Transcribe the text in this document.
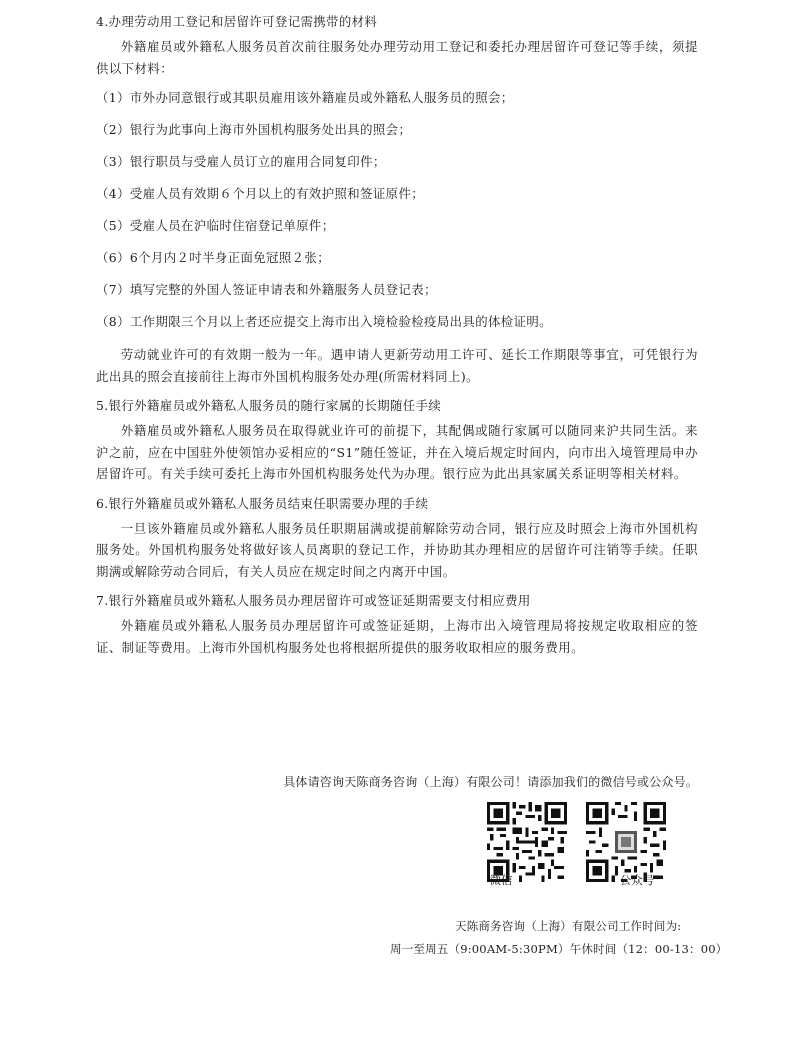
4.办理劳动用工登记和居留许可登记需携带的材料
外籍雇员或外籍私人服务员首次前往服务处办理劳动用工登记和委托办理居留许可登记等手续，须提供以下材料：
（1）市外办同意银行或其职员雇用该外籍雇员或外籍私人服务员的照会；
（2）银行为此事向上海市外国机构服务处出具的照会；
（3）银行职员与受雇人员订立的雇用合同复印件；
（4）受雇人员有效期６个月以上的有效护照和签证原件；
（5）受雇人员在沪临时住宿登记单原件；
（6）6个月内２吋半身正面免冠照２张；
（7）填写完整的外国人签证申请表和外籍服务人员登记表；
（8）工作期限三个月以上者还应提交上海市出入境检验检疫局出具的体检证明。
劳动就业许可的有效期一般为一年。遇申请人更新劳动用工许可、延长工作期限等事宜，可凭银行为此出具的照会直接前往上海市外国机构服务处办理(所需材料同上)。
5.银行外籍雇员或外籍私人服务员的随行家属的长期随任手续
外籍雇员或外籍私人服务员在取得就业许可的前提下，其配偶或随行家属可以随同来沪共同生活。来沪之前，应在中国驻外使领馆办妥相应的“S1”随任签证，并在入境后规定时间内，向市出入境管理局申办居留许可。有关手续可委托上海市外国机构服务处代为办理。银行应为此出具家属关系证明等相关材料。
6.银行外籍雇员或外籍私人服务员结束任职需要办理的手续
一旦该外籍雇员或外籍私人服务员任职期届满或提前解除劳动合同，银行应及时照会上海市外国机构服务处。外国机构服务处将做好该人员离职的登记工作，并协助其办理相应的居留许可注销等手续。任职期满或解除劳动合同后，有关人员应在规定时间之内离开中国。
7.银行外籍雇员或外籍私人服务员办理居留许可或签证延期需要支付相应费用
外籍雇员或外籍私人服务员办理居留许可或签证延期，上海市出入境管理局将按规定收取相应的签证、制证等费用。上海市外国机构服务处也将根据所提供的服务收取相应的服务费用。
具体请咨询天陈商务咨询（上海）有限公司！请添加我们的微信号或公众号。
微信	公众号
天陈商务咨询（上海）有限公司工作时间为:
周一至周五（9:00AM-5:30PM）午休时间（12：00-13：00）
